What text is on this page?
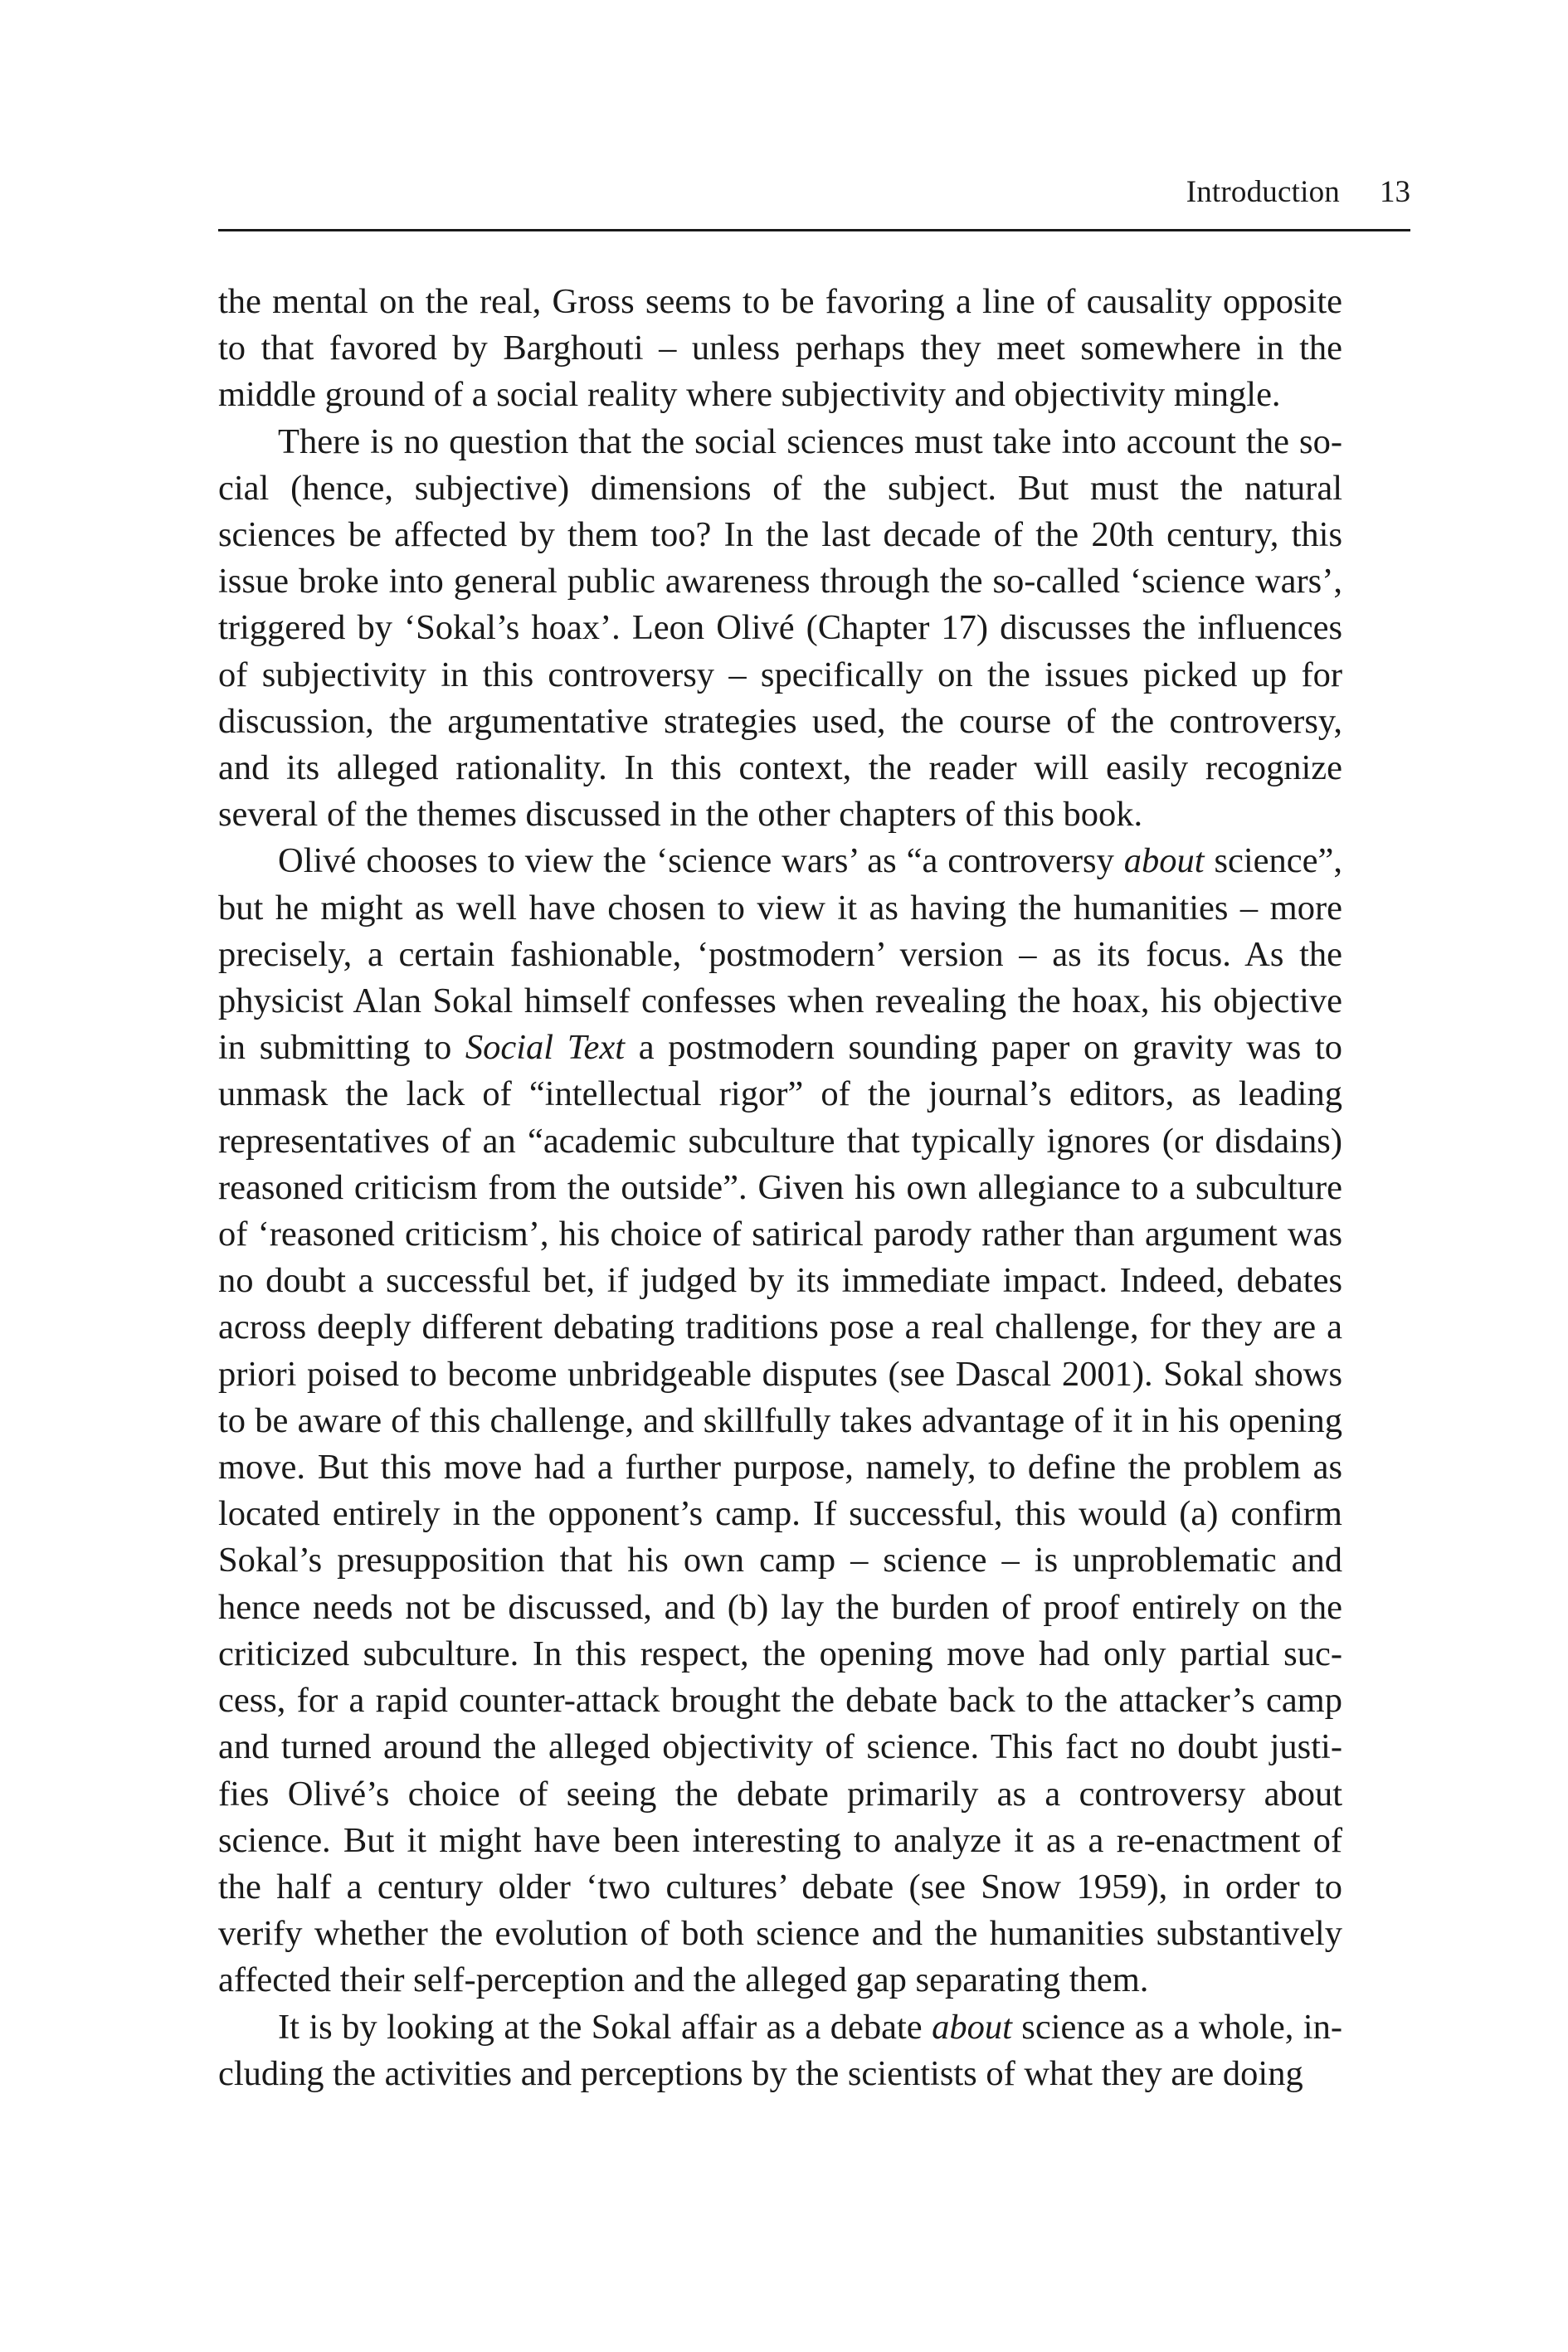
Introduction 13

the mental on the real, Gross seems to be favoring a line of causality opposite to that favored by Barghouti – unless perhaps they meet somewhere in the middle ground of a social reality where subjectivity and objectivity mingle.

There is no question that the social sciences must take into account the social (hence, subjective) dimensions of the subject. But must the natural sciences be affected by them too? In the last decade of the 20th century, this issue broke into general public awareness through the so-called ‘science wars’, triggered by ‘Sokal’s hoax’. Leon Olivé (Chapter 17) discusses the influences of subjectivity in this controversy – specifically on the issues picked up for discussion, the argumentative strategies used, the course of the controversy, and its alleged rationality. In this context, the reader will easily recognize several of the themes discussed in the other chapters of this book.

Olivé chooses to view the ‘science wars’ as “a controversy about science”, but he might as well have chosen to view it as having the humanities – more precisely, a certain fashionable, ‘postmodern’ version – as its focus. As the physicist Alan Sokal himself confesses when revealing the hoax, his objective in submitting to Social Text a postmodern sounding paper on gravity was to unmask the lack of “intellectual rigor” of the journal’s editors, as leading representatives of an “academic subculture that typically ignores (or disdains) reasoned criticism from the outside”. Given his own allegiance to a subculture of ‘reasoned criticism’, his choice of satirical parody rather than argument was no doubt a successful bet, if judged by its immediate impact. Indeed, debates across deeply different debating traditions pose a real challenge, for they are a priori poised to become unbridgeable disputes (see Dascal 2001). Sokal shows to be aware of this challenge, and skillfully takes advantage of it in his opening move. But this move had a further purpose, namely, to define the problem as located entirely in the opponent’s camp. If successful, this would (a) confirm Sokal’s presupposition that his own camp – science – is unproblematic and hence needs not be discussed, and (b) lay the burden of proof entirely on the criticized subculture. In this respect, the opening move had only partial success, for a rapid counter-attack brought the debate back to the attacker’s camp and turned around the alleged objectivity of science. This fact no doubt justifies Olivé’s choice of seeing the debate primarily as a controversy about science. But it might have been interesting to analyze it as a re-enactment of the half a century older ‘two cultures’ debate (see Snow 1959), in order to verify whether the evolution of both science and the humanities substantively affected their self-perception and the alleged gap separating them.

It is by looking at the Sokal affair as a debate about science as a whole, including the activities and perceptions by the scientists of what they are doing
